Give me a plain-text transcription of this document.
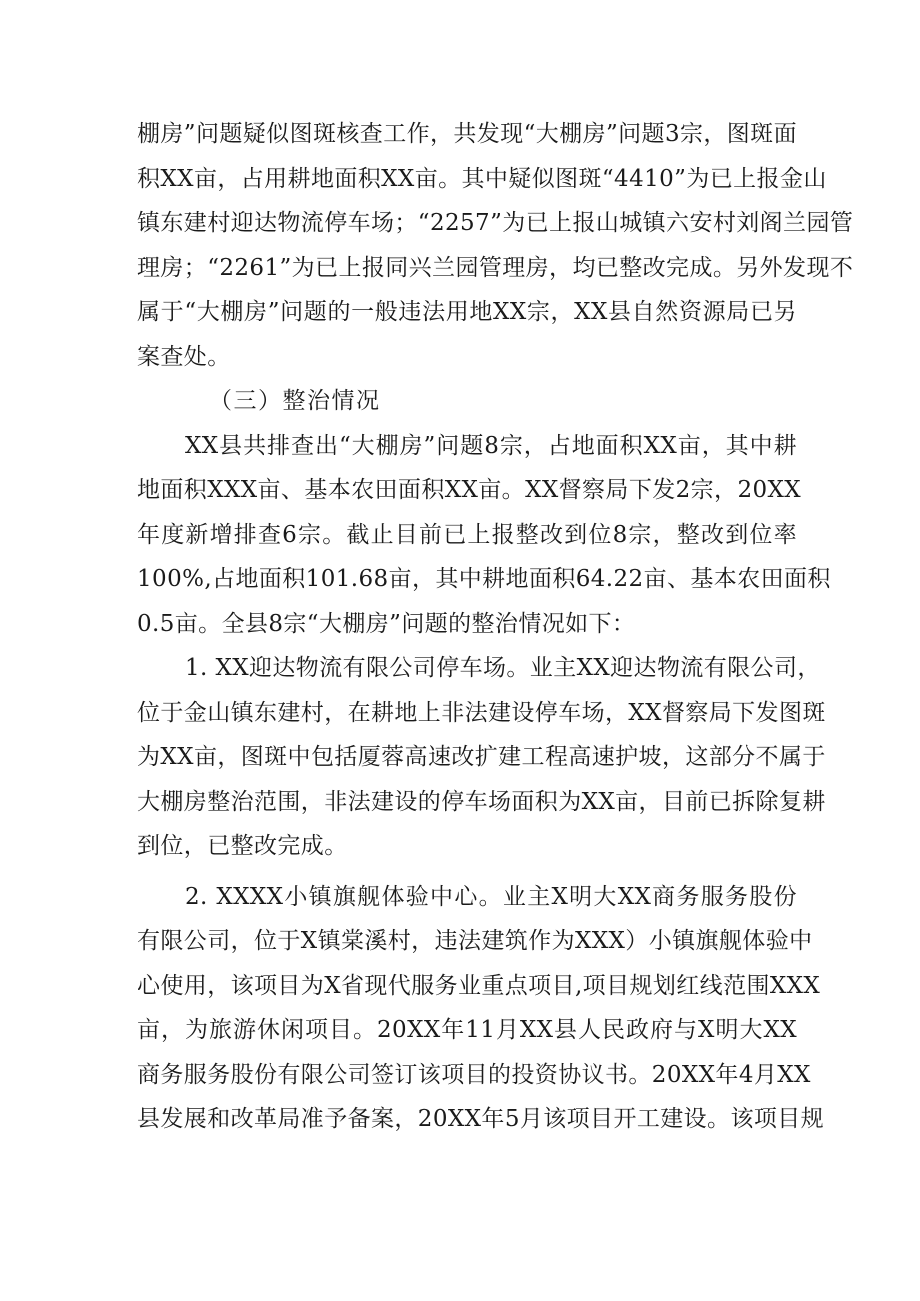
棚房”问题疑似图斑核查工作，共发现“大棚房”问题3宗，图斑面
积XX亩，占用耕地面积XX亩。其中疑似图斑“4410”为已上报金山
镇东建村迎达物流停车场；“2257”为已上报山城镇六安村刘阁兰园管
理房；“2261”为已上报同兴兰园管理房，均已整改完成。另外发现不
属于“大棚房”问题的一般违法用地XX宗，XX县自然资源局已另
案查处。
（三）整治情况
XX县共排查出“大棚房”问题8宗，占地面积XX亩，其中耕
地面积XXX亩、基本农田面积XX亩。XX督察局下发2宗，20XX
年度新增排查6宗。截止目前已上报整改到位8宗，整改到位率
100%,占地面积101.68亩，其中耕地面积64.22亩、基本农田面积
0.5亩。全县8宗“大棚房”问题的整治情况如下：
1. XX迎达物流有限公司停车场。业主XX迎达物流有限公司，
位于金山镇东建村，在耕地上非法建设停车场，XX督察局下发图斑
为XX亩，图斑中包括厦蓉高速改扩建工程高速护坡，这部分不属于
大棚房整治范围，非法建设的停车场面积为XX亩，目前已拆除复耕
到位，已整改完成。
2. XXXX小镇旗舰体验中心。业主X明大XX商务服务股份
有限公司，位于X镇棠溪村，违法建筑作为XXX）小镇旗舰体验中
心使用，该项目为X省现代服务业重点项目,项目规划红线范围XXX
亩，为旅游休闲项目。20XX年11月XX县人民政府与X明大XX
商务服务股份有限公司签订该项目的投资协议书。20XX年4月XX
县发展和改革局准予备案，20XX年5月该项目开工建设。该项目规
